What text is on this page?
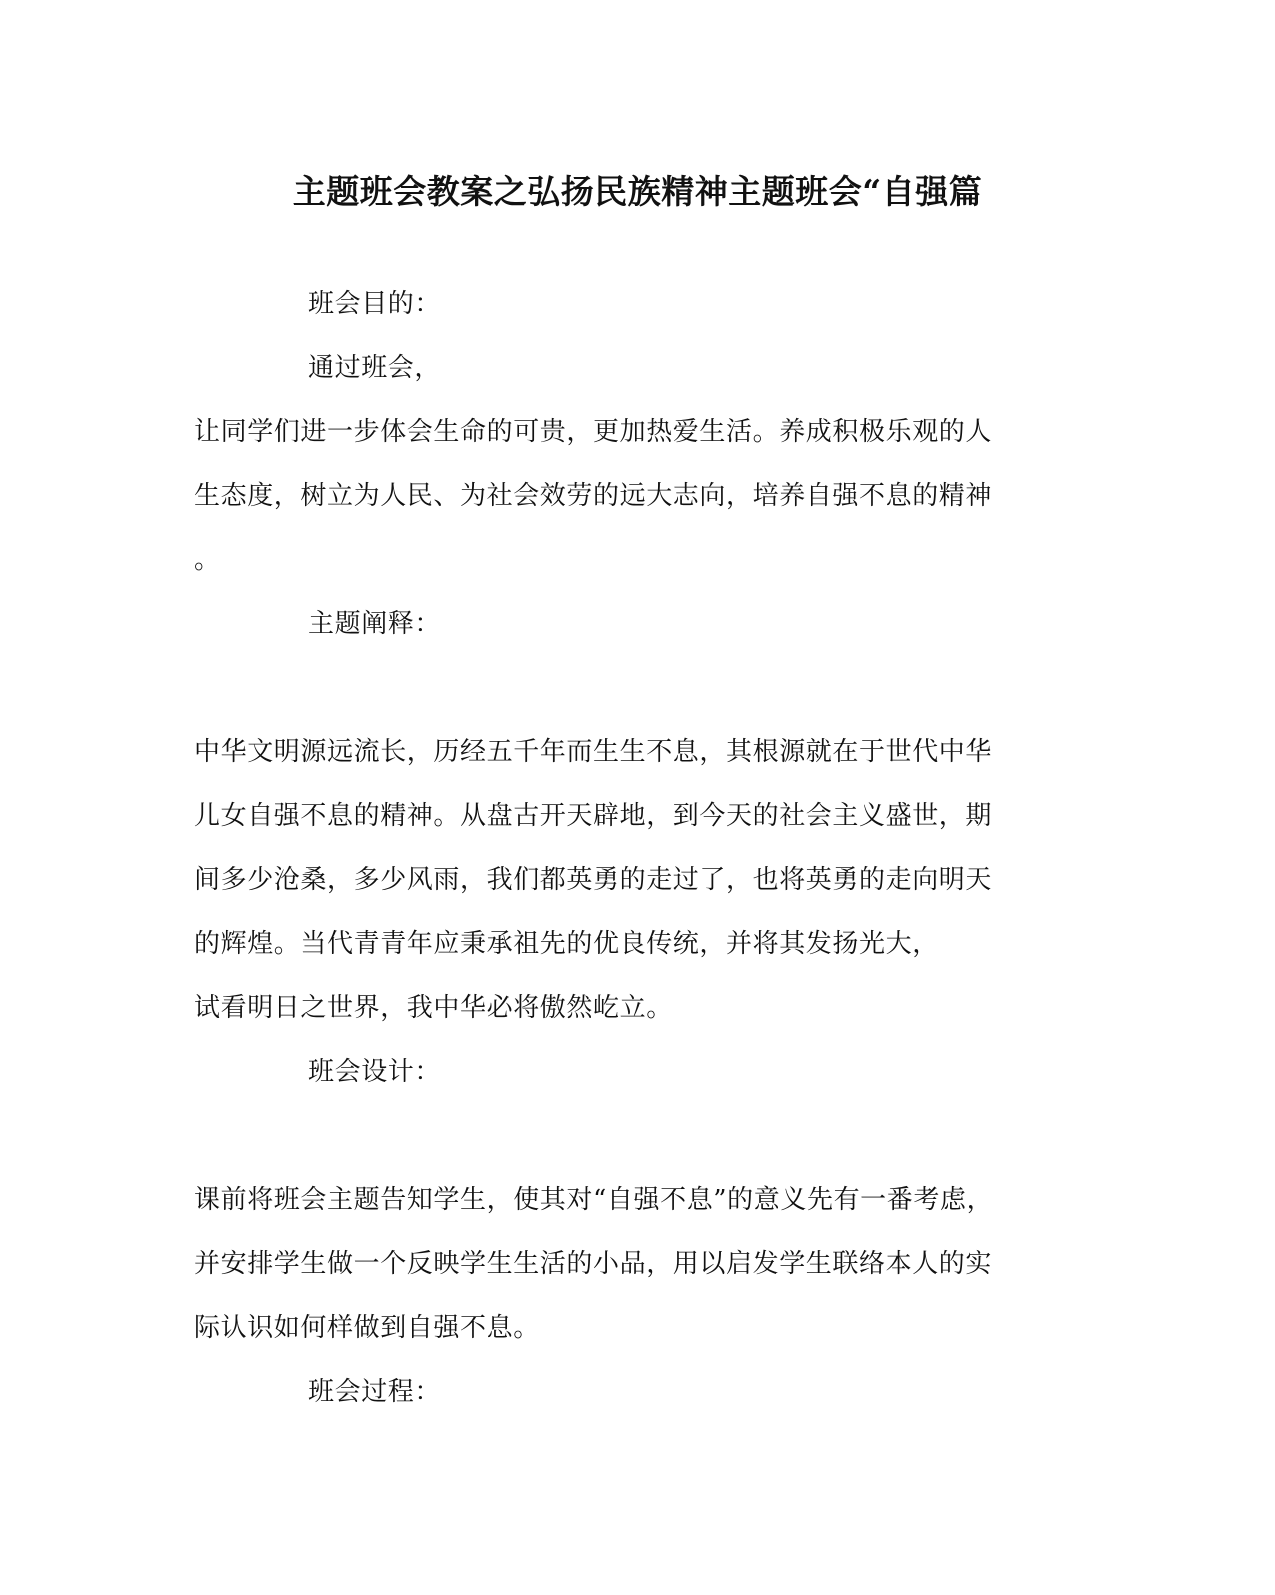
主题班会教案之弘扬民族精神主题班会“自强篇
班会目的：
通过班会，
让同学们进一步体会生命的可贵，更加热爱生活。养成积极乐观的人
生态度，树立为人民、为社会效劳的远大志向，培养自强不息的精神
。
主题阐释：
中华文明源远流长，历经五千年而生生不息，其根源就在于世代中华
儿女自强不息的精神。从盘古开天辟地，到今天的社会主义盛世，期
间多少沧桑，多少风雨，我们都英勇的走过了，也将英勇的走向明天
的辉煌。当代青青年应秉承祖先的优良传统，并将其发扬光大，
试看明日之世界，我中华必将傲然屹立。
班会设计：
课前将班会主题告知学生，使其对“自强不息”的意义先有一番考虑，
并安排学生做一个反映学生生活的小品，用以启发学生联络本人的实
际认识如何样做到自强不息。
班会过程：
